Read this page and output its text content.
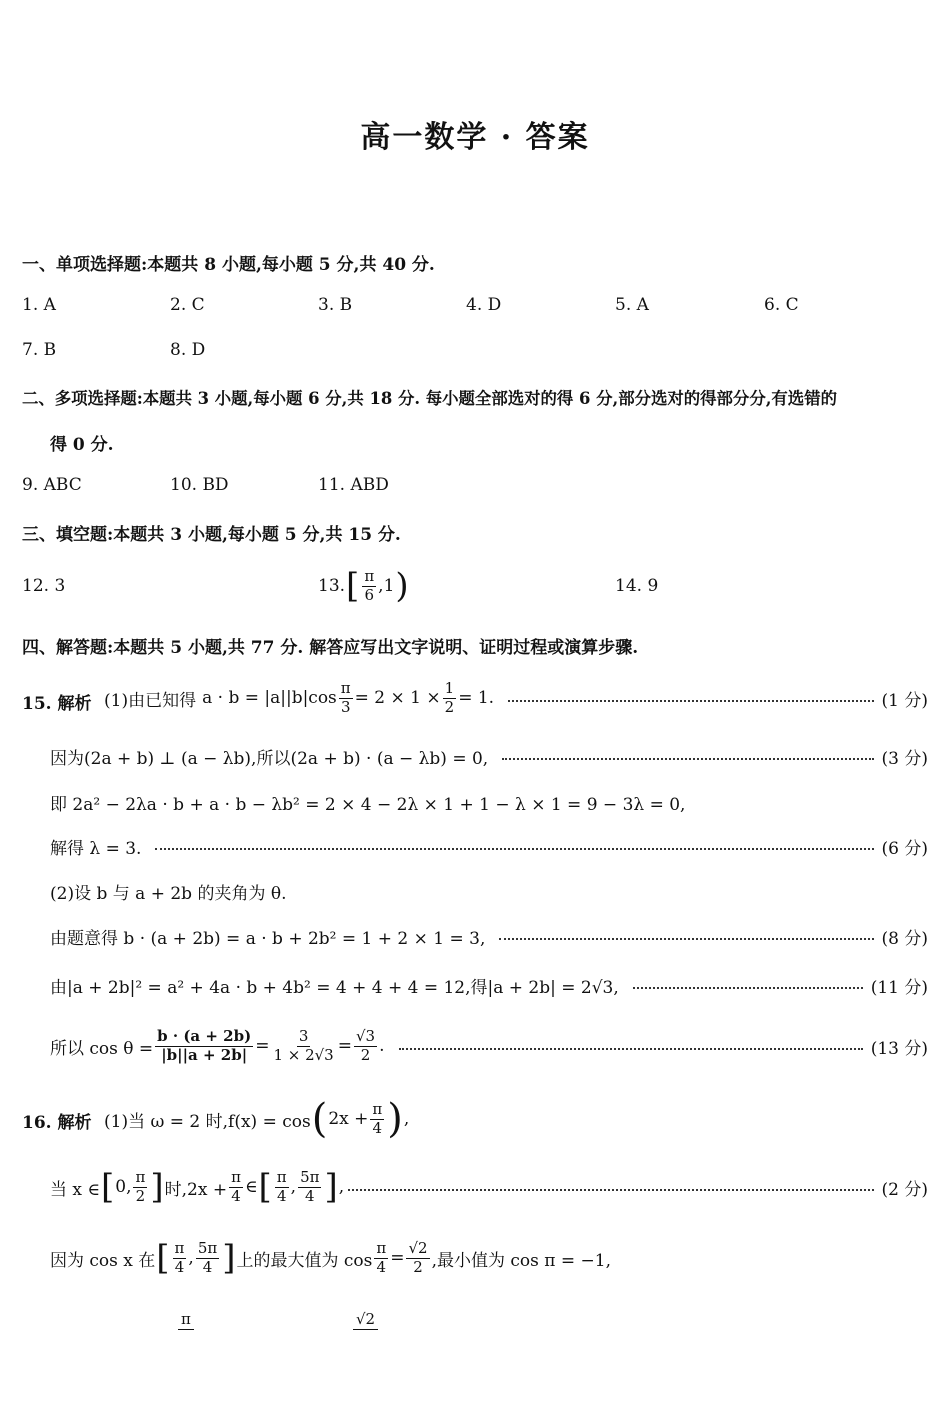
高一数学 · 答案
一、单项选择题:本题共 8 小题,每小题 5 分,共 40 分.
1. A	2. C	3. B	4. D	5. A	6. C
7. B	8. D
二、多项选择题:本题共 3 小题,每小题 6 分,共 18 分. 每小题全部选对的得 6 分,部分选对的得部分分,有选错的
得 0 分.
9. ABC	10. BD	11. ABD
三、填空题:本题共 3 小题,每小题 5 分,共 15 分.
12. 3	13. [ $\frac{\pi}{6} ,1$ )	14. 9
四、解答题:本题共 5 小题,共 77 分. 解答应写出文字说明、证明过程或演算步骤.
15. 解析 (1)由已知得 $a \cdot b = |a||b|\cos \frac{\pi}{3} = 2 \times 1 \times \frac{1}{2} = 1$.	(1 分)
因为(2a + b) ⊥ (a − λb),所以(2a + b) · (a − λb) = 0,	(3 分)
即 2a² − 2λa · b + a · b − λb² = 2 × 4 − 2λ × 1 + 1 − λ × 1 = 9 − 3λ = 0,
解得 λ = 3.	(6 分)
(2)设 b 与 a + 2b 的夹角为 θ.
由题意得 b · (a + 2b) = a · b + 2b² = 1 + 2 × 1 = 3,	(8 分)
由|a + 2b|² = a² + 4a · b + 4b² = 4 + 4 + 4 = 12,得|a + 2b| = 2√3,	(11 分)
所以 $\cos \theta = \frac{b \cdot (a + 2b)}{|b||a + 2b|} = \frac{3}{1 \times 2√3} = \frac{√3}{2}$ .	(13 分)
16. 解析 (1)当 ω = 2 时,f(x) = cos ( $2x + \frac{\pi}{4}$ ) ,
当 x ∈ [ 0, $\frac{\pi}{2}$ ] 时$,2x + \frac{\pi}{4}$ ∈ [ $\frac{\pi}{4}$ , $\frac{5\pi}{4}$ ] ,	(2 分)
因为 cos x 在 [ $\frac{\pi}{4}$ , $\frac{5\pi}{4}$ ] 上的最大值为 $\cos \frac{\pi}{4} = \frac{√2}{2}$ ,最小值为 cos π = −1,
π	√2
